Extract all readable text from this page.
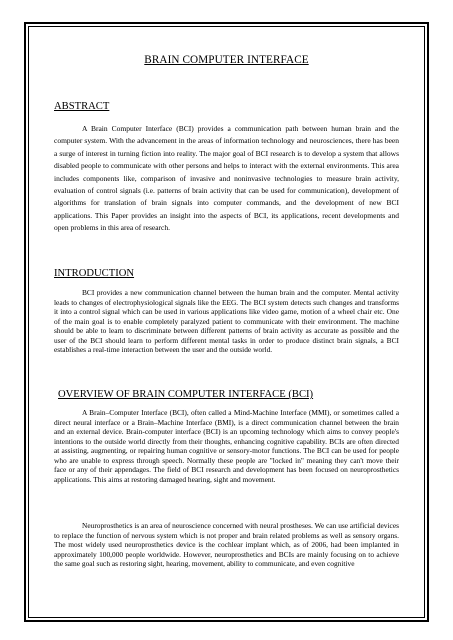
BRAIN COMPUTER INTERFACE
ABSTRACT

A Brain Computer Interface (BCI) provides a communication path between human brain and the computer system. With the advancement in the areas of information technology and neurosciences, there has been a surge of interest in turning fiction into reality. The major goal of BCI research is to develop a system that allows disabled people to communicate with other persons and helps to interact with the external environments. This area includes components like, comparison of invasive and noninvasive technologies to measure brain activity, evaluation of control signals (i.e. patterns of brain activity that can be used for communication), development of algorithms for translation of brain signals into computer commands, and the development of new BCI applications. This Paper provides an insight into the aspects of BCI, its applications, recent developments and open problems in this area of research.

INTRODUCTION

BCI provides a new communication channel between the human brain and the computer. Mental activity leads to changes of electrophysiological signals like the EEG. The BCI system detects such changes and transforms it into a control signal which can be used in various applications like video game, motion of a wheel chair etc. One of the main goal is to enable completely paralyzed patient to communicate with their environment. The machine should be able to learn to discriminate between different patterns of brain activity as accurate as possible and the user of the BCI should learn to perform different mental tasks in order to produce distinct brain signals, a BCI establishes a real-time interaction between the user and the outside world.

OVERVIEW OF BRAIN COMPUTER INTERFACE (BCI)

A Brain–Computer Interface (BCI), often called a Mind-Machine Interface (MMI), or sometimes called a direct neural interface or a Brain–Machine Interface (BMI), is a direct communication channel between the brain and an external device. Brain-computer interface (BCI) is an upcoming technology which aims to convey people's intentions to the outside world directly from their thoughts, enhancing cognitive capability. BCIs are often directed at assisting, augmenting, or repairing human cognitive or sensory-motor functions. The BCI can be used for people who are unable to express through speech. Normally these people are "locked in" meaning they can't move their face or any of their appendages. The field of BCI research and development has been focused on neuroprosthetics applications. This aims at restoring damaged hearing, sight and movement.

Neuroprosthetics is an area of neuroscience concerned with neural prostheses. We can use artificial devices to replace the function of nervous system which is not proper and brain related problems as well as sensory organs. The most widely used neuroprosthetics device is the cochlear implant which, as of 2006, had been implanted in approximately 100,000 people worldwide. However, neuroprosthetics and BCIs are mainly focusing on to achieve the same goal such as restoring sight, hearing, movement, ability to communicate, and even cognitive
